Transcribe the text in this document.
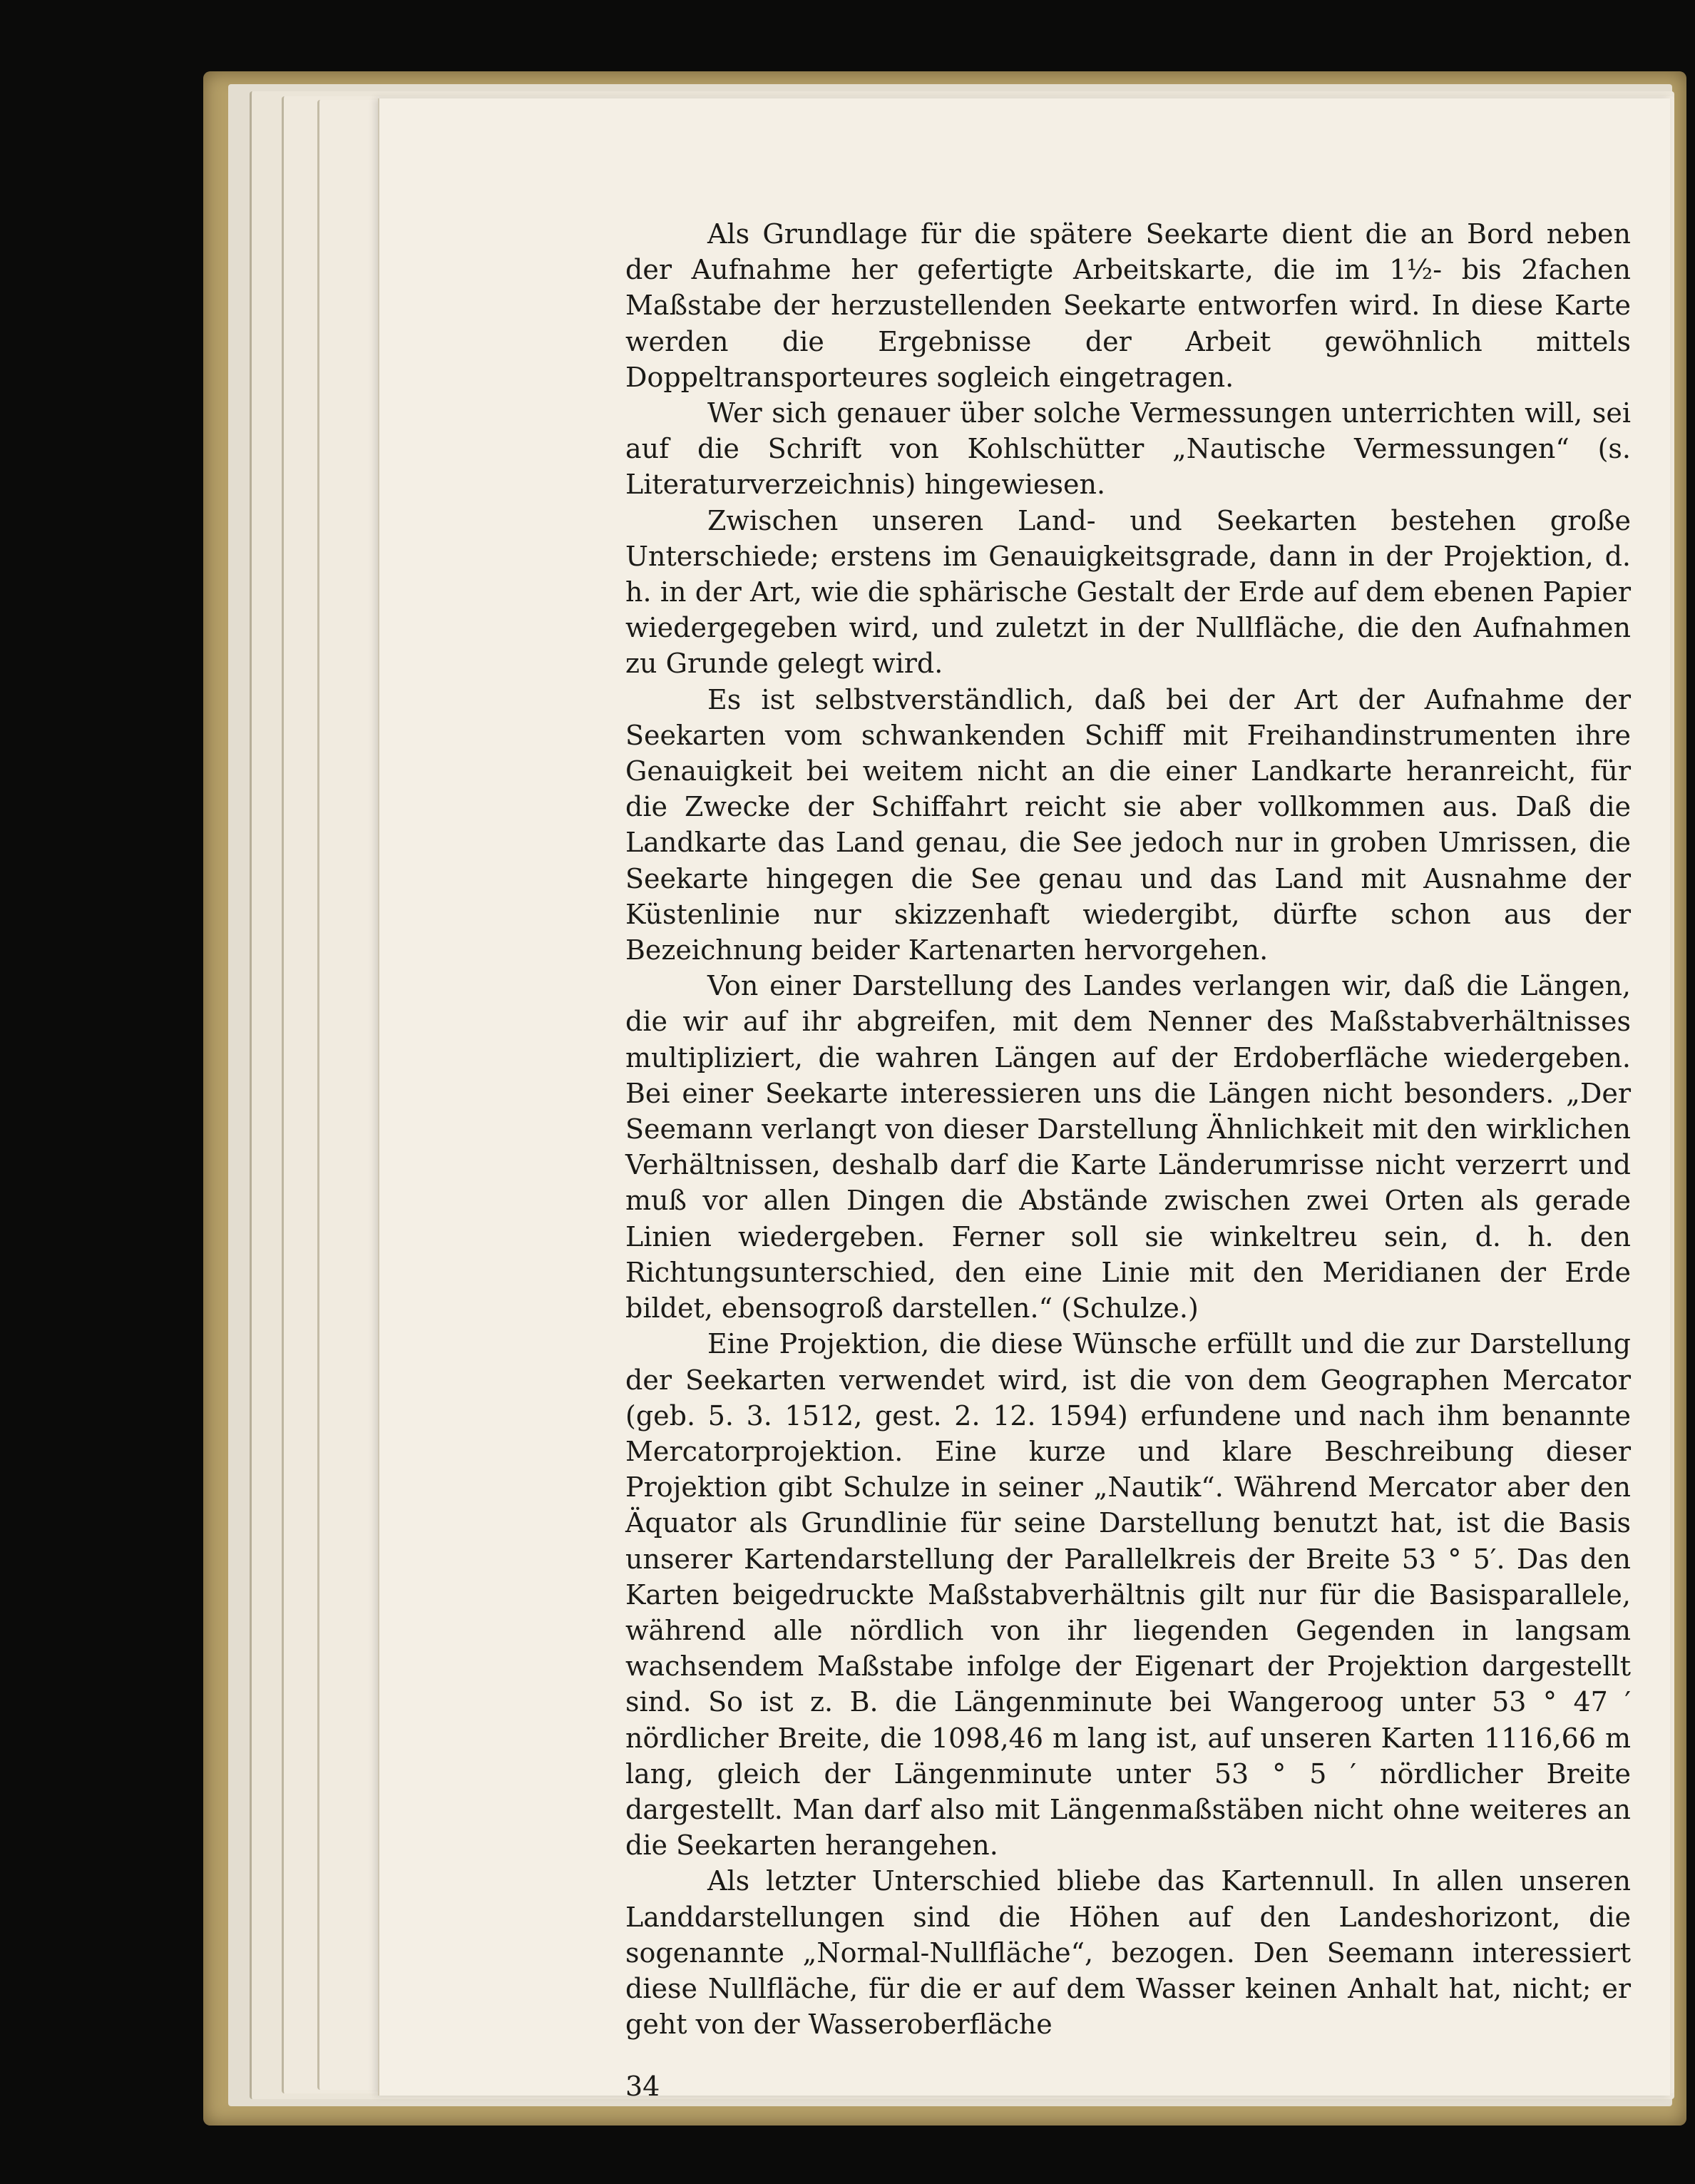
Als Grundlage für die spätere Seekarte dient die an Bord neben der Aufnahme her gefertigte Arbeitskarte, die im 1½- bis 2fachen Maßstabe der herzustellenden Seekarte entworfen wird. In diese Karte werden die Ergebnisse der Arbeit gewöhnlich mittels Doppeltransporteures sogleich eingetragen.

Wer sich genauer über solche Vermessungen unterrichten will, sei auf die Schrift von Kohlschütter „Nautische Vermessungen“ (s. Literaturverzeichnis) hingewiesen.

Zwischen unseren Land- und Seekarten bestehen große Unterschiede; erstens im Genauigkeitsgrade, dann in der Projektion, d. h. in der Art, wie die sphärische Gestalt der Erde auf dem ebenen Papier wiedergegeben wird, und zuletzt in der Nullfläche, die den Aufnahmen zu Grunde gelegt wird.

Es ist selbstverständlich, daß bei der Art der Aufnahme der Seekarten vom schwankenden Schiff mit Freihandinstrumenten ihre Genauigkeit bei weitem nicht an die einer Landkarte heranreicht, für die Zwecke der Schiffahrt reicht sie aber vollkommen aus. Daß die Landkarte das Land genau, die See jedoch nur in groben Umrissen, die Seekarte hingegen die See genau und das Land mit Ausnahme der Küstenlinie nur skizzenhaft wiedergibt, dürfte schon aus der Bezeichnung beider Kartenarten hervorgehen.

Von einer Darstellung des Landes verlangen wir, daß die Längen, die wir auf ihr abgreifen, mit dem Nenner des Maßstabverhältnisses multipliziert, die wahren Längen auf der Erdoberfläche wiedergeben. Bei einer Seekarte interessieren uns die Längen nicht besonders. „Der Seemann verlangt von dieser Darstellung Ähnlichkeit mit den wirklichen Verhältnissen, deshalb darf die Karte Länderumrisse nicht verzerrt und muß vor allen Dingen die Abstände zwischen zwei Orten als gerade Linien wiedergeben. Ferner soll sie winkeltreu sein, d. h. den Richtungsunterschied, den eine Linie mit den Meridianen der Erde bildet, ebensogroß darstellen.“ (Schulze.)

Eine Projektion, die diese Wünsche erfüllt und die zur Darstellung der Seekarten verwendet wird, ist die von dem Geographen Mercator (geb. 5. 3. 1512, gest. 2. 12. 1594) erfundene und nach ihm benannte Mercatorprojektion. Eine kurze und klare Beschreibung dieser Projektion gibt Schulze in seiner „Nautik“. Während Mercator aber den Äquator als Grundlinie für seine Darstellung benutzt hat, ist die Basis unserer Kartendarstellung der Parallelkreis der Breite 53 ° 5′. Das den Karten beigedruckte Maßstabverhältnis gilt nur für die Basisparallele, während alle nördlich von ihr liegenden Gegenden in langsam wachsendem Maßstabe infolge der Eigenart der Projektion dargestellt sind. So ist z. B. die Längenminute bei Wangeroog unter 53 ° 47 ′ nördlicher Breite, die 1098,46 m lang ist, auf unseren Karten 1116,66 m lang, gleich der Längenminute unter 53 ° 5 ′ nördlicher Breite dargestellt. Man darf also mit Längenmaßstäben nicht ohne weiteres an die Seekarten herangehen.

Als letzter Unterschied bliebe das Kartennull. In allen unseren Landdarstellungen sind die Höhen auf den Landeshorizont, die sogenannte „Normal-Nullfläche“, bezogen. Den Seemann interessiert diese Nullfläche, für die er auf dem Wasser keinen Anhalt hat, nicht; er geht von der Wasseroberfläche

34
